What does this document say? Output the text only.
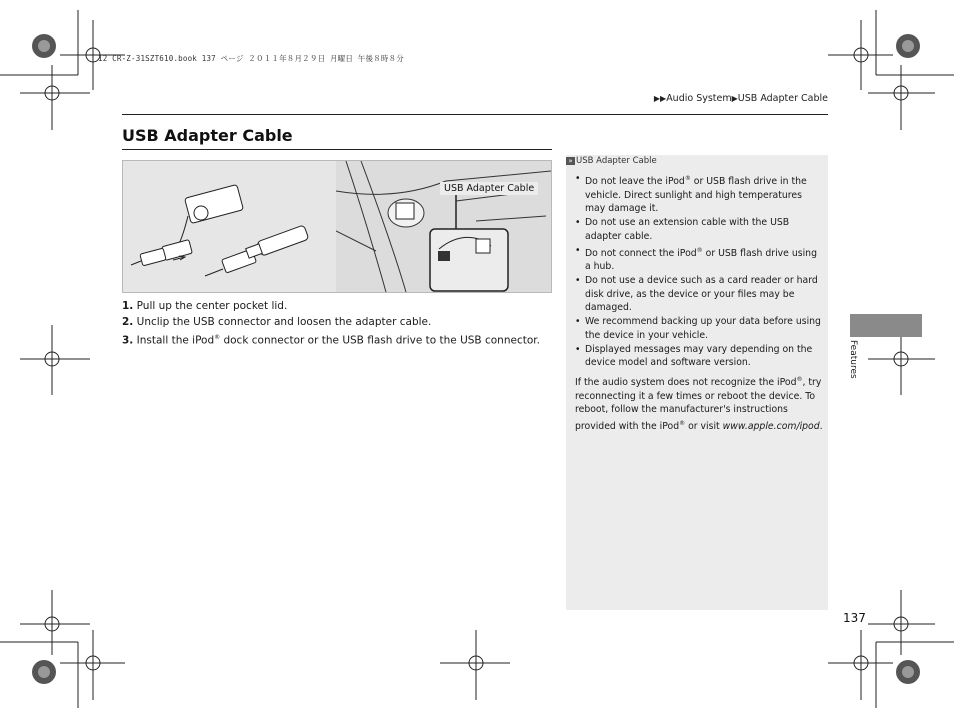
12 CR-Z-31SZT610.book 137 ページ ２０１１年８月２９日 月曜日 午後８時８分
▶▶Audio System▶USB Adapter Cable
USB Adapter Cable
USB Adapter Cable
1. Pull up the center pocket lid.
2. Unclip the USB connector and loosen the adapter cable.
3. Install the iPod® dock connector or the USB flash drive to the USB connector.
» USB Adapter Cable
• Do not leave the iPod® or USB flash drive in the vehicle. Direct sunlight and high temperatures may damage it.
• Do not use an extension cable with the USB adapter cable.
• Do not connect the iPod® or USB flash drive using a hub.
• Do not use a device such as a card reader or hard disk drive, as the device or your files may be damaged.
• We recommend backing up your data before using the device in your vehicle.
• Displayed messages may vary depending on the device model and software version.
If the audio system does not recognize the iPod®, try reconnecting it a few times or reboot the device. To reboot, follow the manufacturer's instructions provided with the iPod® or visit www.apple.com/ipod.
Features
137
